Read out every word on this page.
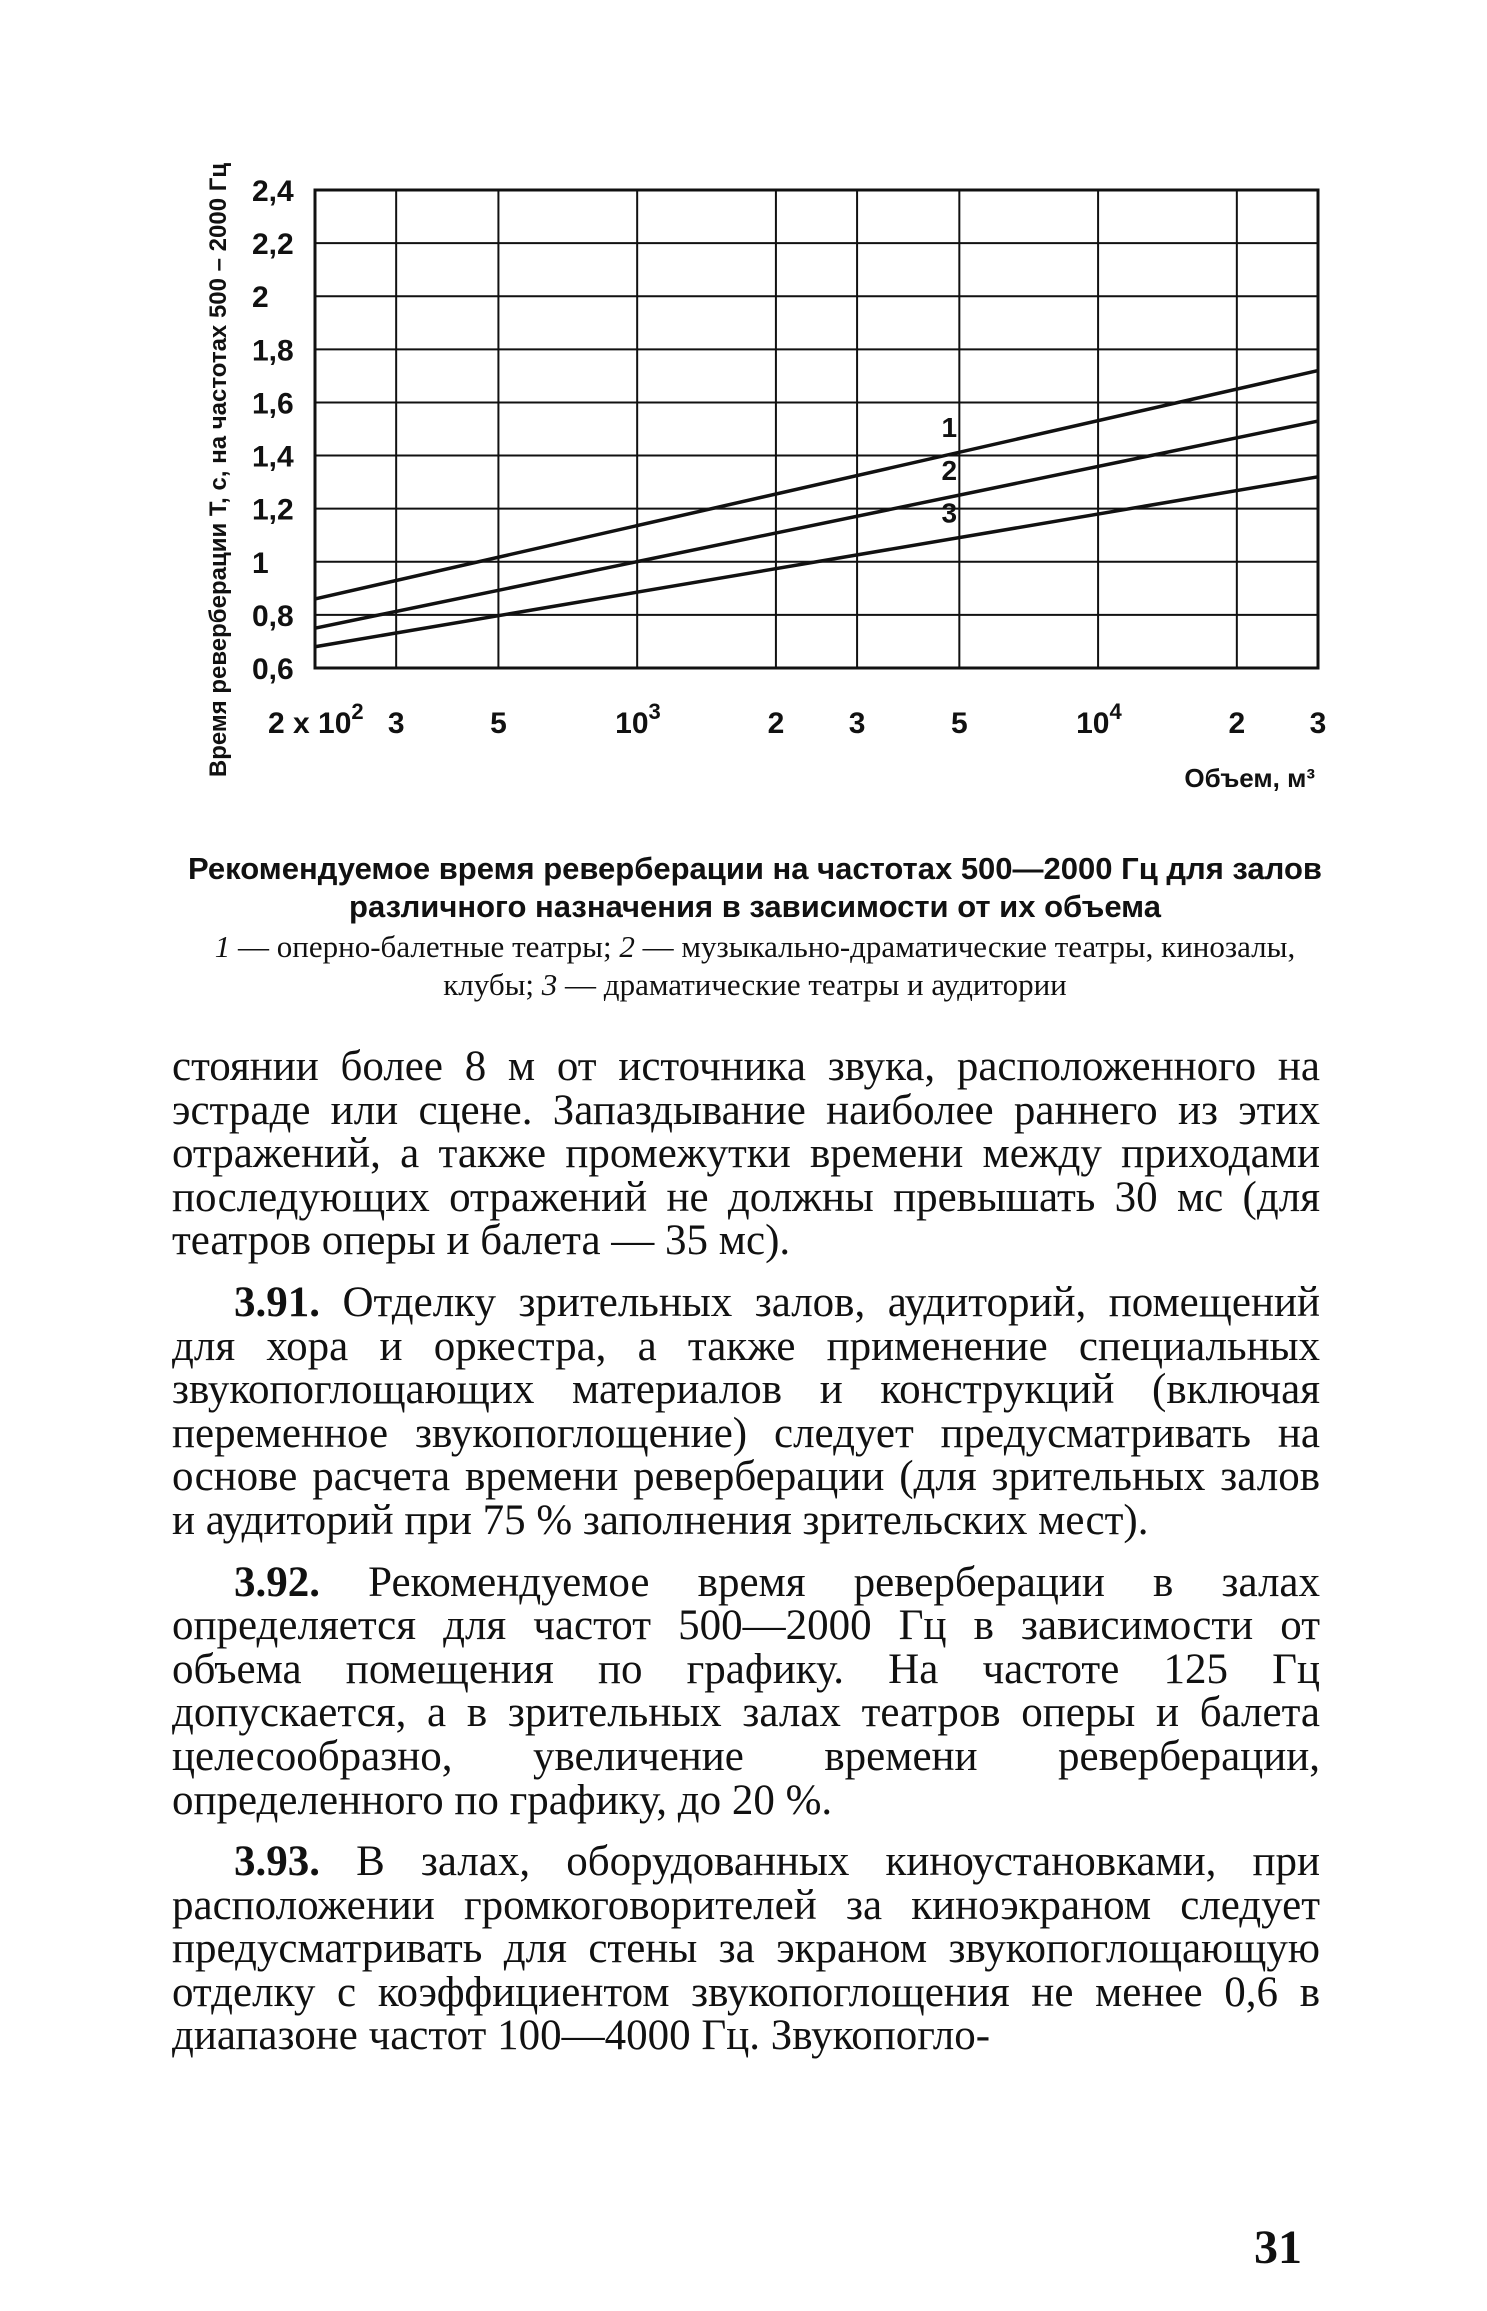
2,4
2,2
2
1,8
1,6
1,4
1,2
1
0,8
0,6
2 x $10^2$ 3	5	$10^3$	2 3	5	$10^4$	2 3
1
2
3
Время реверберации Т, с, на частотах 500 – 2000 Гц
Объем, м³
Рекомендуемое время реверберации на частотах 500—2000 Гц для залов различного назначения в зависимости от их объема
1 — оперно-балетные театры; 2 — музыкально-драматические театры, кинозалы, клубы; 3 — драматические театры и аудитории

стоянии более 8 м от источника звука, расположенного на эстраде или сцене. Запаздывание наиболее раннего из этих отражений, а также промежутки времени между приходами последующих отражений не должны превышать 30 мс (для театров оперы и балета — 35 мс).

3.91. Отделку зрительных залов, аудиторий, помещений для хора и оркестра, а также применение специальных звукопоглощающих материалов и конструкций (включая переменное звукопоглощение) следует предусматривать на основе расчета времени реверберации (для зрительных залов и аудиторий при 75 % заполнения зрительских мест).

3.92. Рекомендуемое время реверберации в залах определяется для частот 500—2000 Гц в зависимости от объема помещения по графику. На частоте 125 Гц допускается, а в зрительных залах театров оперы и балета целесообразно, увеличение времени реверберации, определенного по графику, до 20 %.

3.93. В залах, оборудованных киноустановками, при расположении громкоговорителей за киноэкраном следует предусматривать для стены за экраном звукопоглощающую отделку с коэффициентом звукопоглощения не менее 0,6 в диапазоне частот 100—4000 Гц. Звукопогло-

31
